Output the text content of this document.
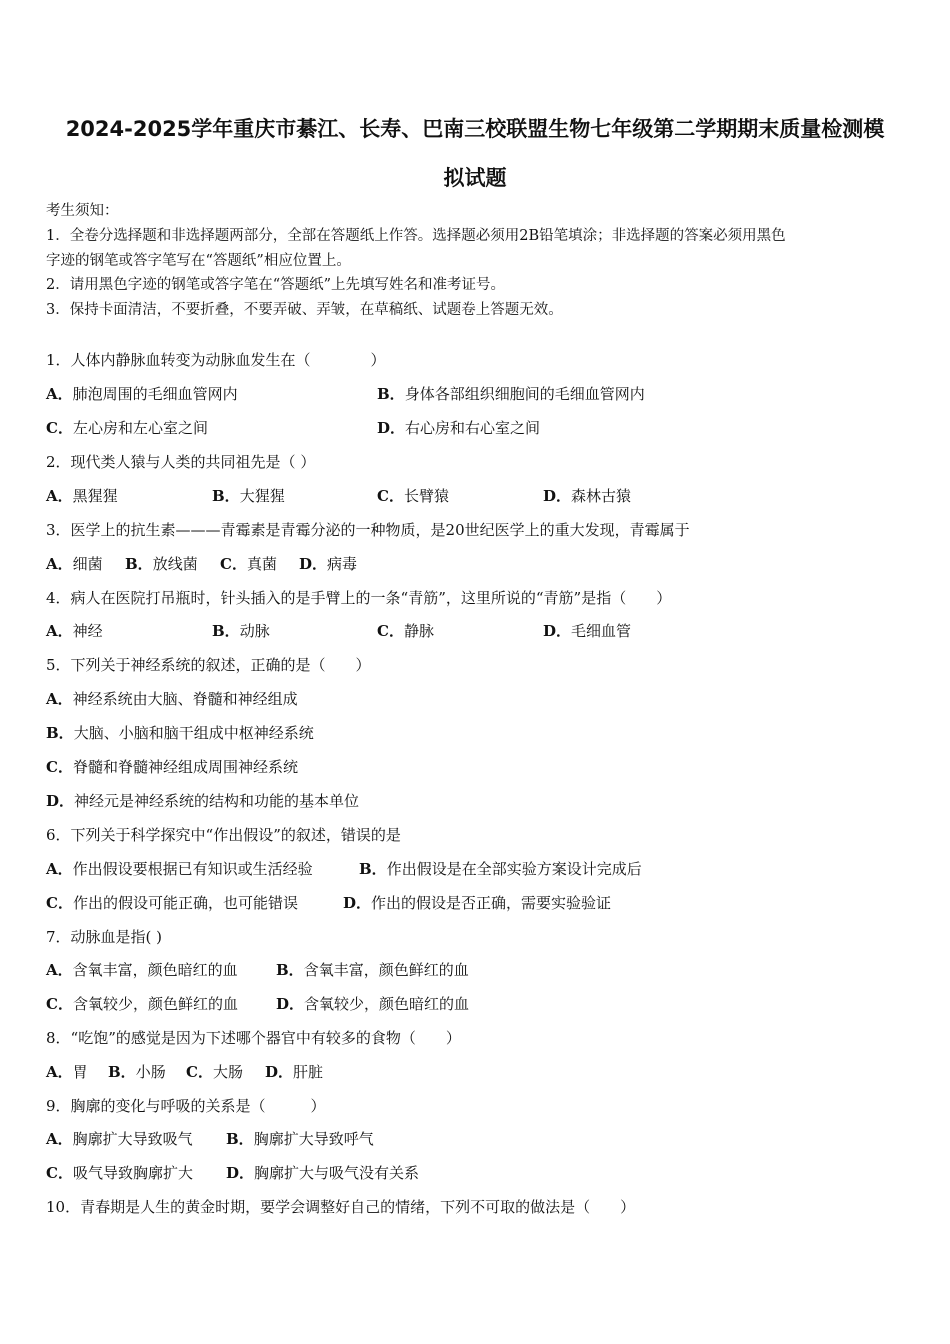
2024-2025学年重庆市綦江、长寿、巴南三校联盟生物七年级第二学期期末质量检测模
拟试题
考生须知：
1．全卷分选择题和非选择题两部分，全部在答题纸上作答。选择题必须用2B铅笔填涂；非选择题的答案必须用黑色
字迹的钢笔或答字笔写在“答题纸”相应位置上。
2．请用黑色字迹的钢笔或答字笔在“答题纸”上先填写姓名和准考证号。
3．保持卡面清洁，不要折叠，不要弄破、弄皱，在草稿纸、试题卷上答题无效。
1．人体内静脉血转变为动脉血发生在（　　　　）
A．肺泡周围的毛细血管网内	B．身体各部组织细胞间的毛细血管网内
C．左心房和左心室之间	D．右心房和右心室之间
2．现代类人猿与人类的共同祖先是（ ）
A．黑猩猩	B．大猩猩	C．长臂猿	D．森林古猿
3．医学上的抗生素———青霉素是青霉分泌的一种物质，是20世纪医学上的重大发现，青霉属于
A．细菌 B．放线菌 C．真菌 D．病毒
4．病人在医院打吊瓶时，针头插入的是手臂上的一条“青筋”，这里所说的“青筋”是指（　　）
A．神经	B．动脉	C．静脉	D．毛细血管
5．下列关于神经系统的叙述，正确的是（　　）
A．神经系统由大脑、脊髓和神经组成
B．大脑、小脑和脑干组成中枢神经系统
C．脊髓和脊髓神经组成周围神经系统
D．神经元是神经系统的结构和功能的基本单位
6．下列关于科学探究中“作出假设”的叙述，错误的是
A．作出假设要根据已有知识或生活经验	B．作出假设是在全部实验方案设计完成后
C．作出的假设可能正确，也可能错误	D．作出的假设是否正确，需要实验验证
7．动脉血是指( )
A．含氧丰富，颜色暗红的血	B．含氧丰富，颜色鲜红的血
C．含氧较少，颜色鲜红的血	D．含氧较少，颜色暗红的血
8．“吃饱”的感觉是因为下述哪个器官中有较多的食物（　　）
A．胃 B．小肠 C．大肠 D．肝脏
9．胸廓的变化与呼吸的关系是（　　　）
A．胸廓扩大导致吸气 B．胸廓扩大导致呼气
C．吸气导致胸廓扩大 D．胸廓扩大与吸气没有关系
10．青春期是人生的黄金时期，要学会调整好自己的情绪，下列不可取的做法是（　　）
